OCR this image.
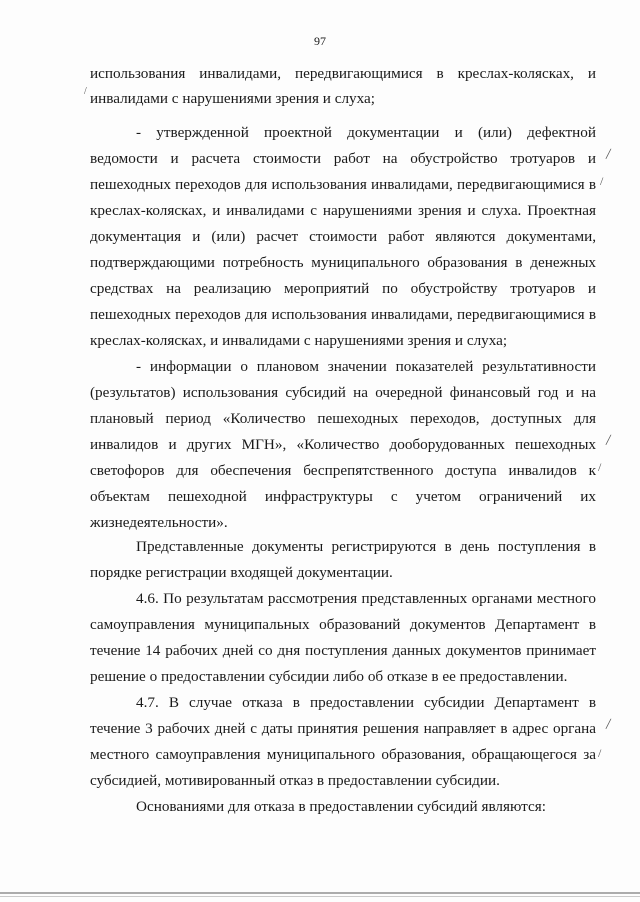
97
использования инвалидами, передвигающимися в креслах-колясках, и
инвалидами с нарушениями зрения и слуха;
- утвержденной проектной документации и (или) дефектной
ведомости и расчета стоимости работ на обустройство тротуаров и
пешеходных переходов для использования инвалидами, передвигающимися в
креслах-колясках, и инвалидами с нарушениями зрения и слуха. Проектная
документация и (или) расчет стоимости работ являются документами,
подтверждающими потребность муниципального образования в денежных
средствах на реализацию мероприятий по обустройству тротуаров и
пешеходных переходов для использования инвалидами, передвигающимися в
креслах-колясках, и инвалидами с нарушениями зрения и слуха;
- информации о плановом значении показателей результативности
(результатов) использования субсидий на очередной финансовый год и на
плановый период «Количество пешеходных переходов, доступных для
инвалидов и других МГН», «Количество дооборудованных пешеходных
светофоров для обеспечения беспрепятственного доступа инвалидов к
объектам пешеходной инфраструктуры с учетом ограничений их
жизнедеятельности».
Представленные документы регистрируются в день поступления в
порядке регистрации входящей документации.
4.6. По результатам рассмотрения представленных органами местного
самоуправления муниципальных образований документов Департамент в
течение 14 рабочих дней со дня поступления данных документов принимает
решение о предоставлении субсидии либо об отказе в ее предоставлении.
4.7. В случае отказа в предоставлении субсидии Департамент в
течение 3 рабочих дней с даты принятия решения направляет в адрес органа
местного самоуправления муниципального образования, обращающегося за
субсидией, мотивированный отказ в предоставлении субсидии.
Основаниями для отказа в предоставлении субсидий являются:
/
/
/
/
/
/
/
